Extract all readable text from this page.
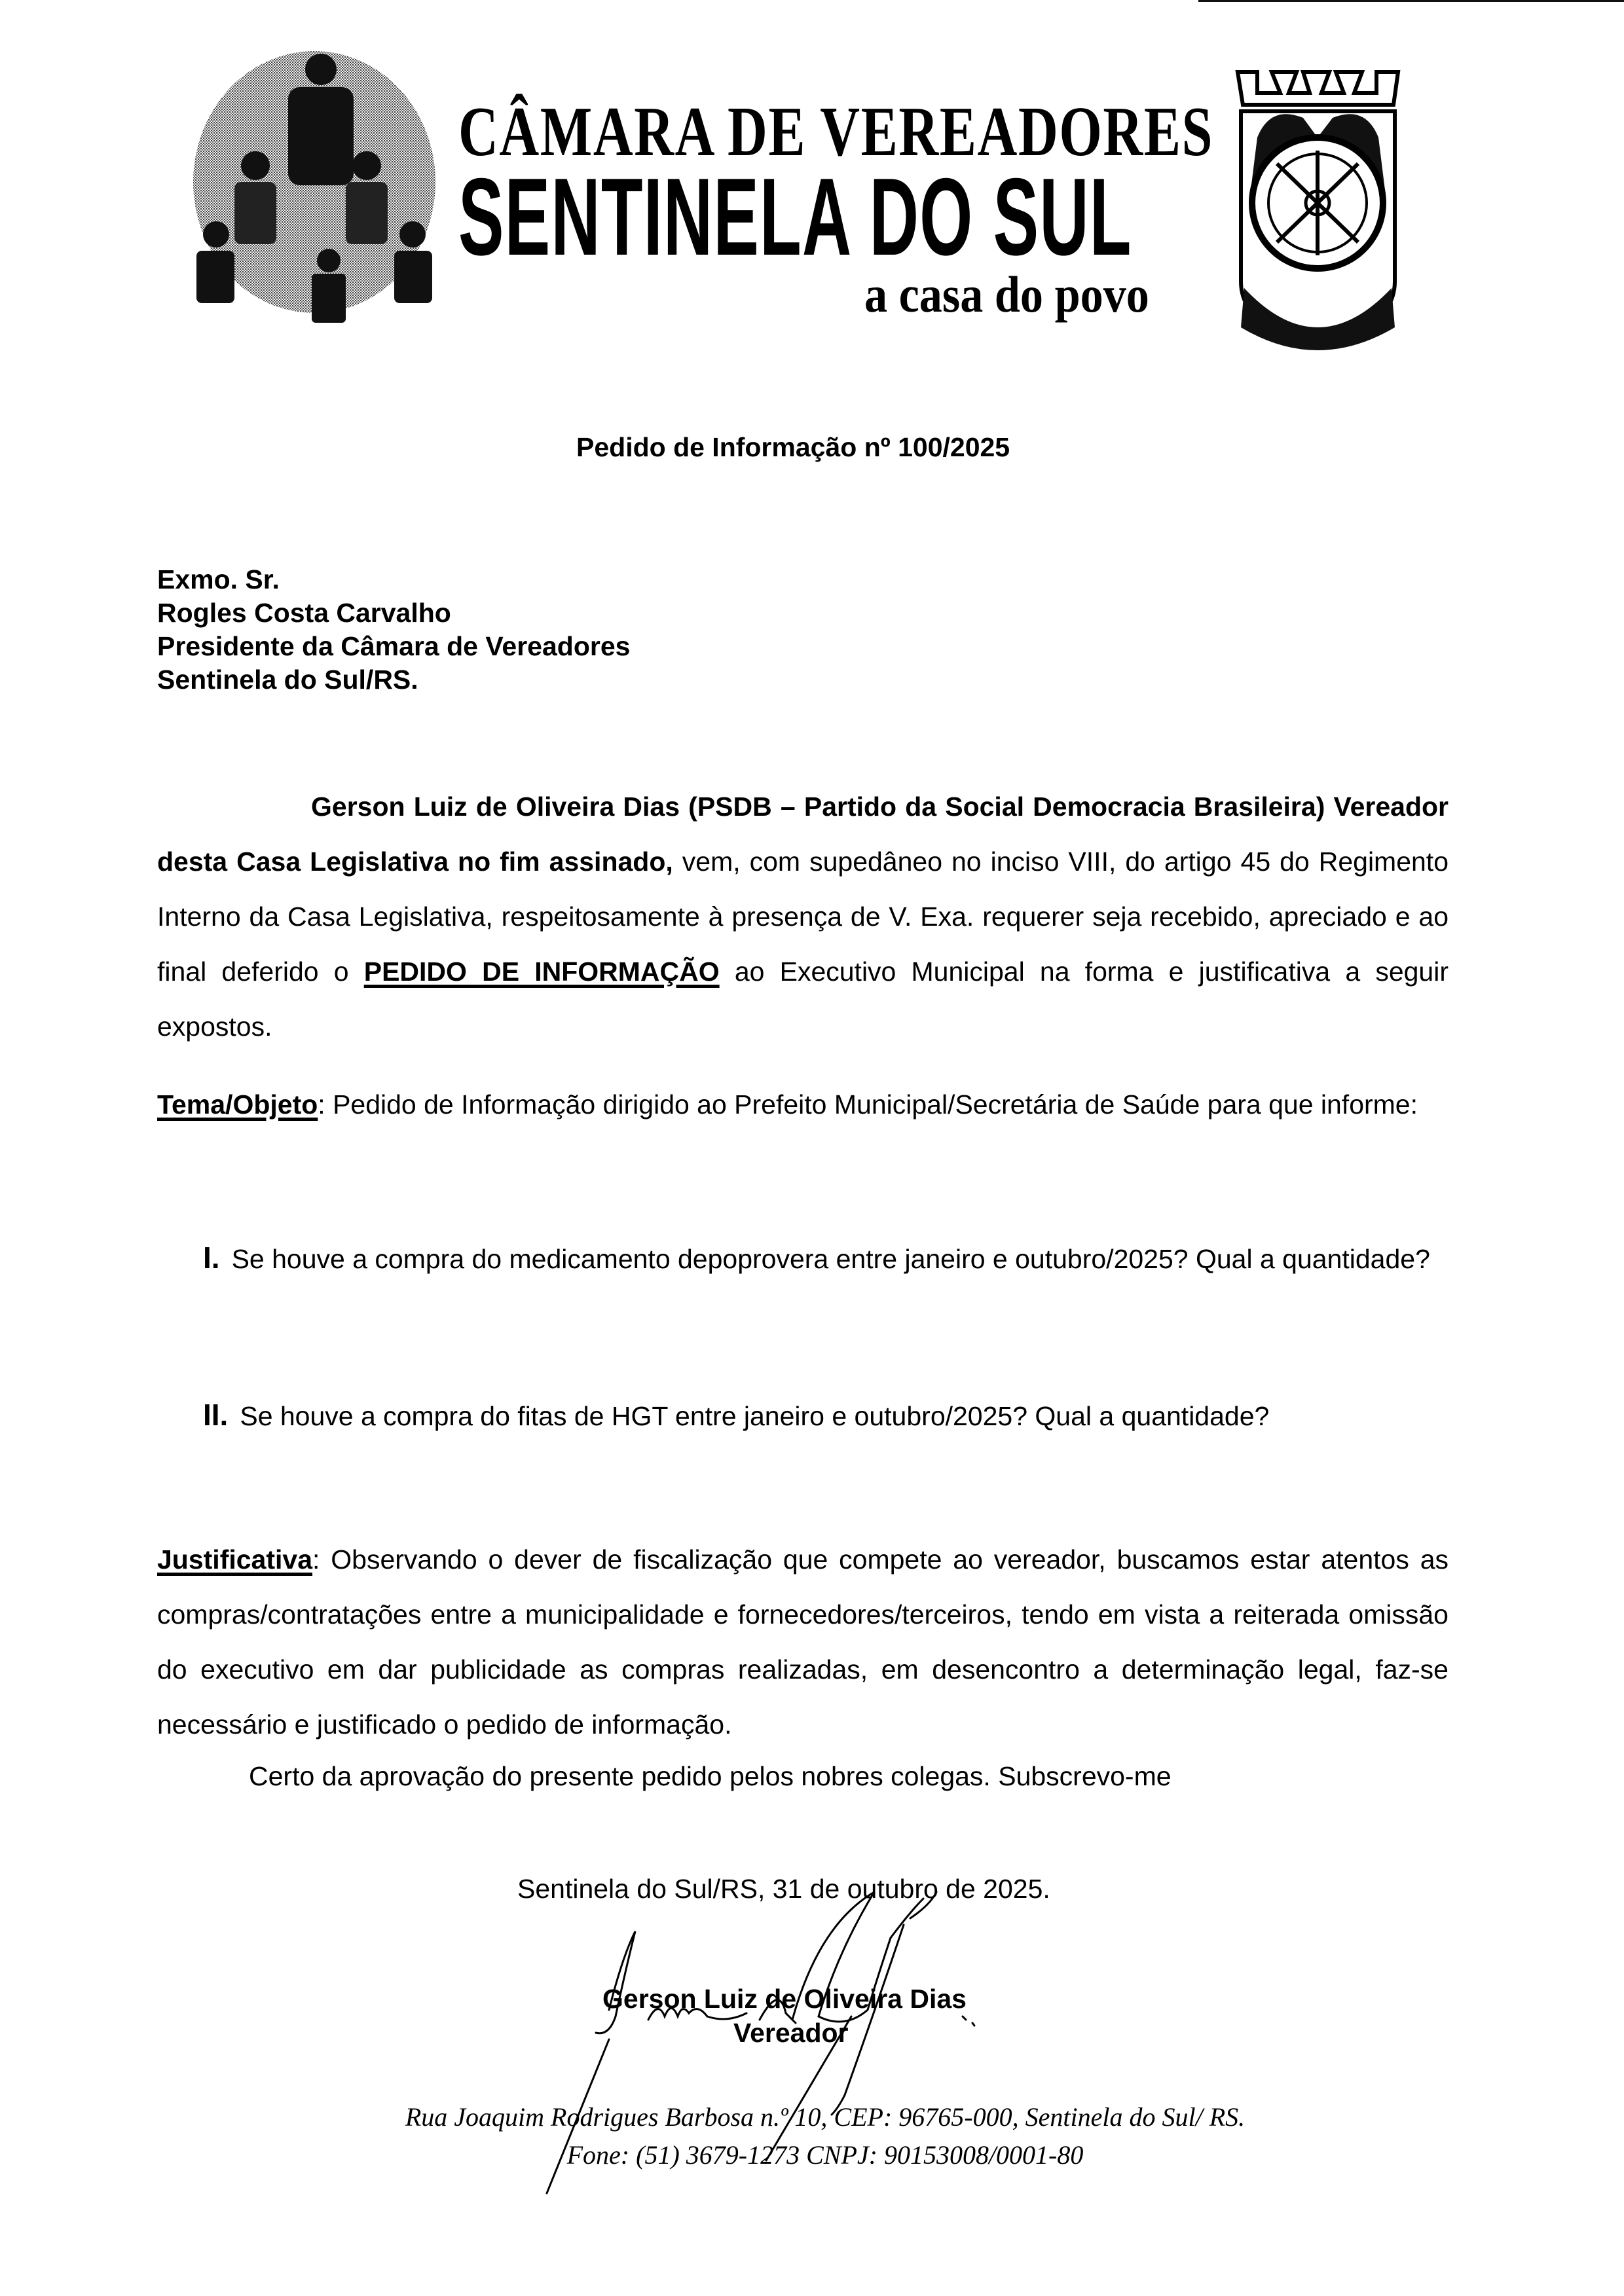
CÂMARA DE VEREADORES
SENTINELA DO SUL
a casa do povo
Pedido de Informação nº 100/2025
Exmo. Sr.
Rogles Costa Carvalho
Presidente da Câmara de Vereadores
Sentinela do Sul/RS.
Gerson Luiz de Oliveira Dias (PSDB – Partido da Social Democracia Brasileira) Vereador desta Casa Legislativa no fim assinado, vem, com supedâneo no inciso VIII, do artigo 45 do Regimento Interno da Casa Legislativa, respeitosamente à presença de V. Exa. requerer seja recebido, apreciado e ao final deferido o PEDIDO DE INFORMAÇÃO ao Executivo Municipal na forma e justificativa a seguir expostos.
Tema/Objeto: Pedido de Informação dirigido ao Prefeito Municipal/Secretária de Saúde para que informe:
I. Se houve a compra do medicamento depoprovera entre janeiro e outubro/2025? Qual a quantidade?
II. Se houve a compra do fitas de HGT entre janeiro e outubro/2025? Qual a quantidade?
Justificativa: Observando o dever de fiscalização que compete ao vereador, buscamos estar atentos as compras/contratações entre a municipalidade e fornecedores/terceiros, tendo em vista a reiterada omissão do executivo em dar publicidade as compras realizadas, em desencontro a determinação legal, faz-se necessário e justificado o pedido de informação.
Certo da aprovação do presente pedido pelos nobres colegas. Subscrevo-me
Sentinela do Sul/RS, 31 de outubro de 2025.
Gerson Luiz de Oliveira Dias
Vereador
Rua Joaquim Rodrigues Barbosa n.º 10, CEP: 96765-000, Sentinela do Sul/ RS.
Fone: (51) 3679-1273 CNPJ: 90153008/0001-80
